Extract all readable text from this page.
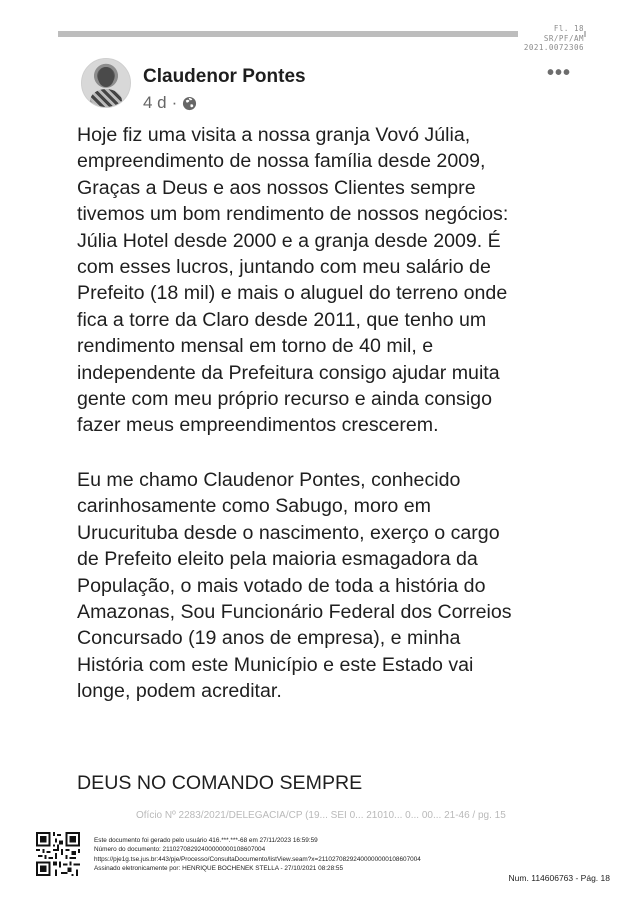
Fl. 18
SR/PF/AM
2021.0072306
Claudenor Pontes
4 d ·
•••

Hoje fiz uma visita a nossa granja Vovó Júlia,
empreendimento de nossa família desde 2009,
Graças a Deus e aos nossos Clientes sempre
tivemos um bom rendimento de nossos negócios:
Júlia Hotel desde 2000 e a granja desde 2009. É
com esses lucros, juntando com meu salário de
Prefeito (18 mil) e mais o aluguel do terreno onde
fica a torre da Claro desde 2011, que tenho um
rendimento mensal em torno de 40 mil, e
independente da Prefeitura consigo ajudar muita
gente com meu próprio recurso e ainda consigo
fazer meus empreendimentos crescerem.

Eu me chamo Claudenor Pontes, conhecido
carinhosamente como Sabugo, moro em
Urucurituba desde o nascimento, exerço o cargo
de Prefeito eleito pela maioria esmagadora da
População, o mais votado de toda a história do
Amazonas, Sou Funcionário Federal dos Correios
Concursado (19 anos de empresa), e minha
História com este Município e este Estado vai
longe, podem acreditar.

DEUS NO COMANDO SEMPRE
Ofício Nº 2283/2021/DELEGACIA/CP (19... SEI 0... 21010... 0... 00... 21-46 / pg. 15
Este documento foi gerado pelo usuário 416.***.***-68 em 27/11/2023 16:59:59
Número do documento: 21102708292400000000108607004
https://pje1g.tse.jus.br:443/pje/Processo/ConsultaDocumento/listView.seam?x=21102708292400000000108607004
Assinado eletronicamente por: HENRIQUE BOCHENEK STELLA - 27/10/2021 08:28:55
Num. 114606763 - Pág. 18
